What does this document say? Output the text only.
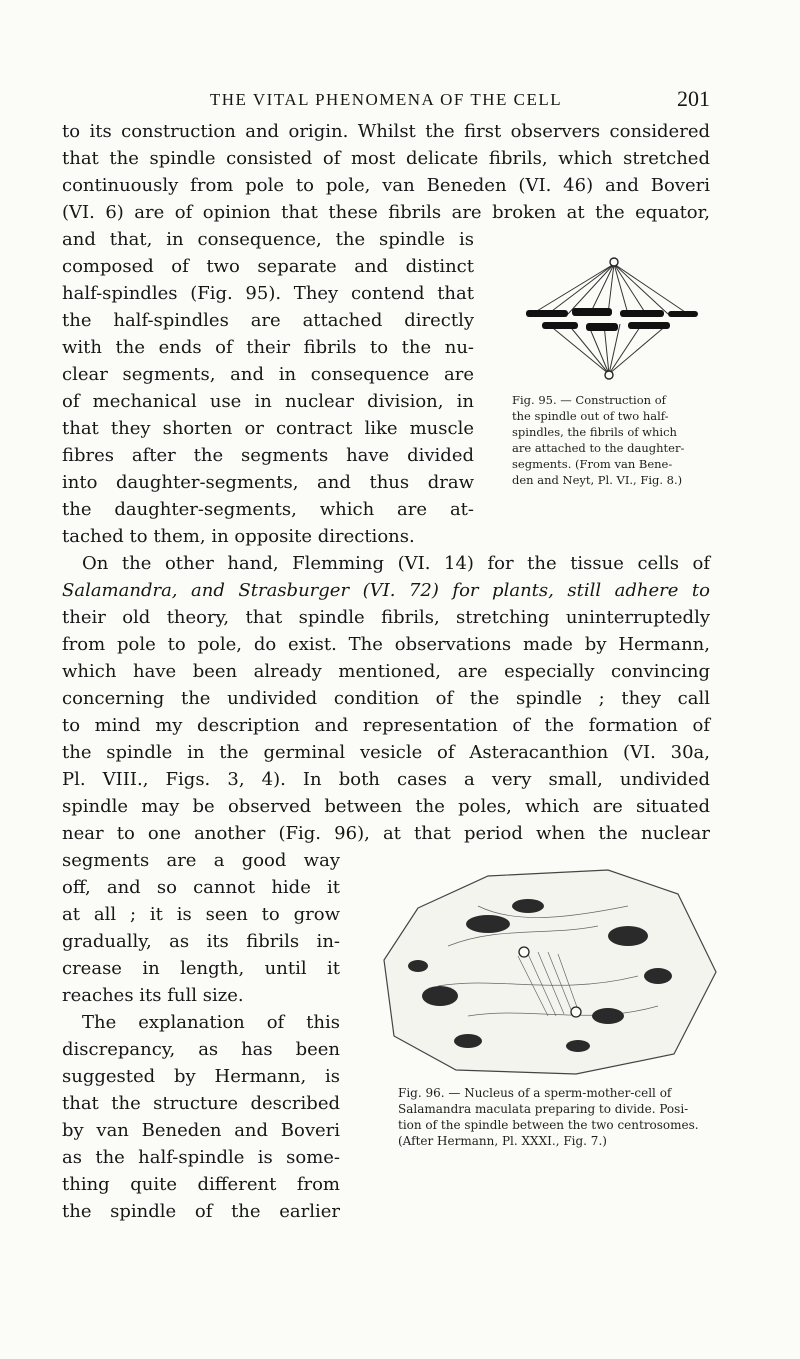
THE VITAL PHENOMENA OF THE CELL	201
to its construction and origin. Whilst the first observers considered
that the spindle consisted of most delicate fibrils, which stretched
continuously from pole to pole, van Beneden (VI. 46) and Boveri
(VI. 6) are of opinion that these fibrils are broken at the equator,
and that, in consequence, the spindle is
composed of two separate and distinct
half-spindles (Fig. 95). They contend that
the half-spindles are attached directly
with the ends of their fibrils to the nu-
clear segments, and in consequence are
of mechanical use in nuclear division, in
that they shorten or contract like muscle
fibres after the segments have divided
into daughter-segments, and thus draw
the daughter-segments, which are at-
tached to them, in opposite directions.
On the other hand, Flemming (VI. 14) for the tissue cells of
Salamandra, and Strasburger (VI. 72) for plants, still adhere to
their old theory, that spindle fibrils, stretching uninterruptedly
from pole to pole, do exist. The observations made by Hermann,
which have been already mentioned, are especially convincing
concerning the undivided condition of the spindle ; they call
to mind my description and representation of the formation of
the spindle in the germinal vesicle of Asteracanthion (VI. 30a,
Pl. VIII., Figs. 3, 4). In both cases a very small, undivided
spindle may be observed between the poles, which are situated
near to one another (Fig. 96), at that period when the nuclear
segments are a good way
off, and so cannot hide it
at all ; it is seen to grow
gradually, as its fibrils in-
crease in length, until it
reaches its full size.
The explanation of this
discrepancy, as has been
suggested by Hermann, is
that the structure described
by van Beneden and Boveri
as the half-spindle is some-
thing quite different from
the spindle of the earlier
Fig. 95. — Construction of
the spindle out of two half-
spindles, the fibrils of which
are attached to the daughter-
segments. (From van Bene-
den and Neyt, Pl. VI., Fig. 8.)
Fig. 96. — Nucleus of a sperm-mother-cell of
Salamandra maculata preparing to divide. Posi-
tion of the spindle between the two centrosomes.
(After Hermann, Pl. XXXI., Fig. 7.)
